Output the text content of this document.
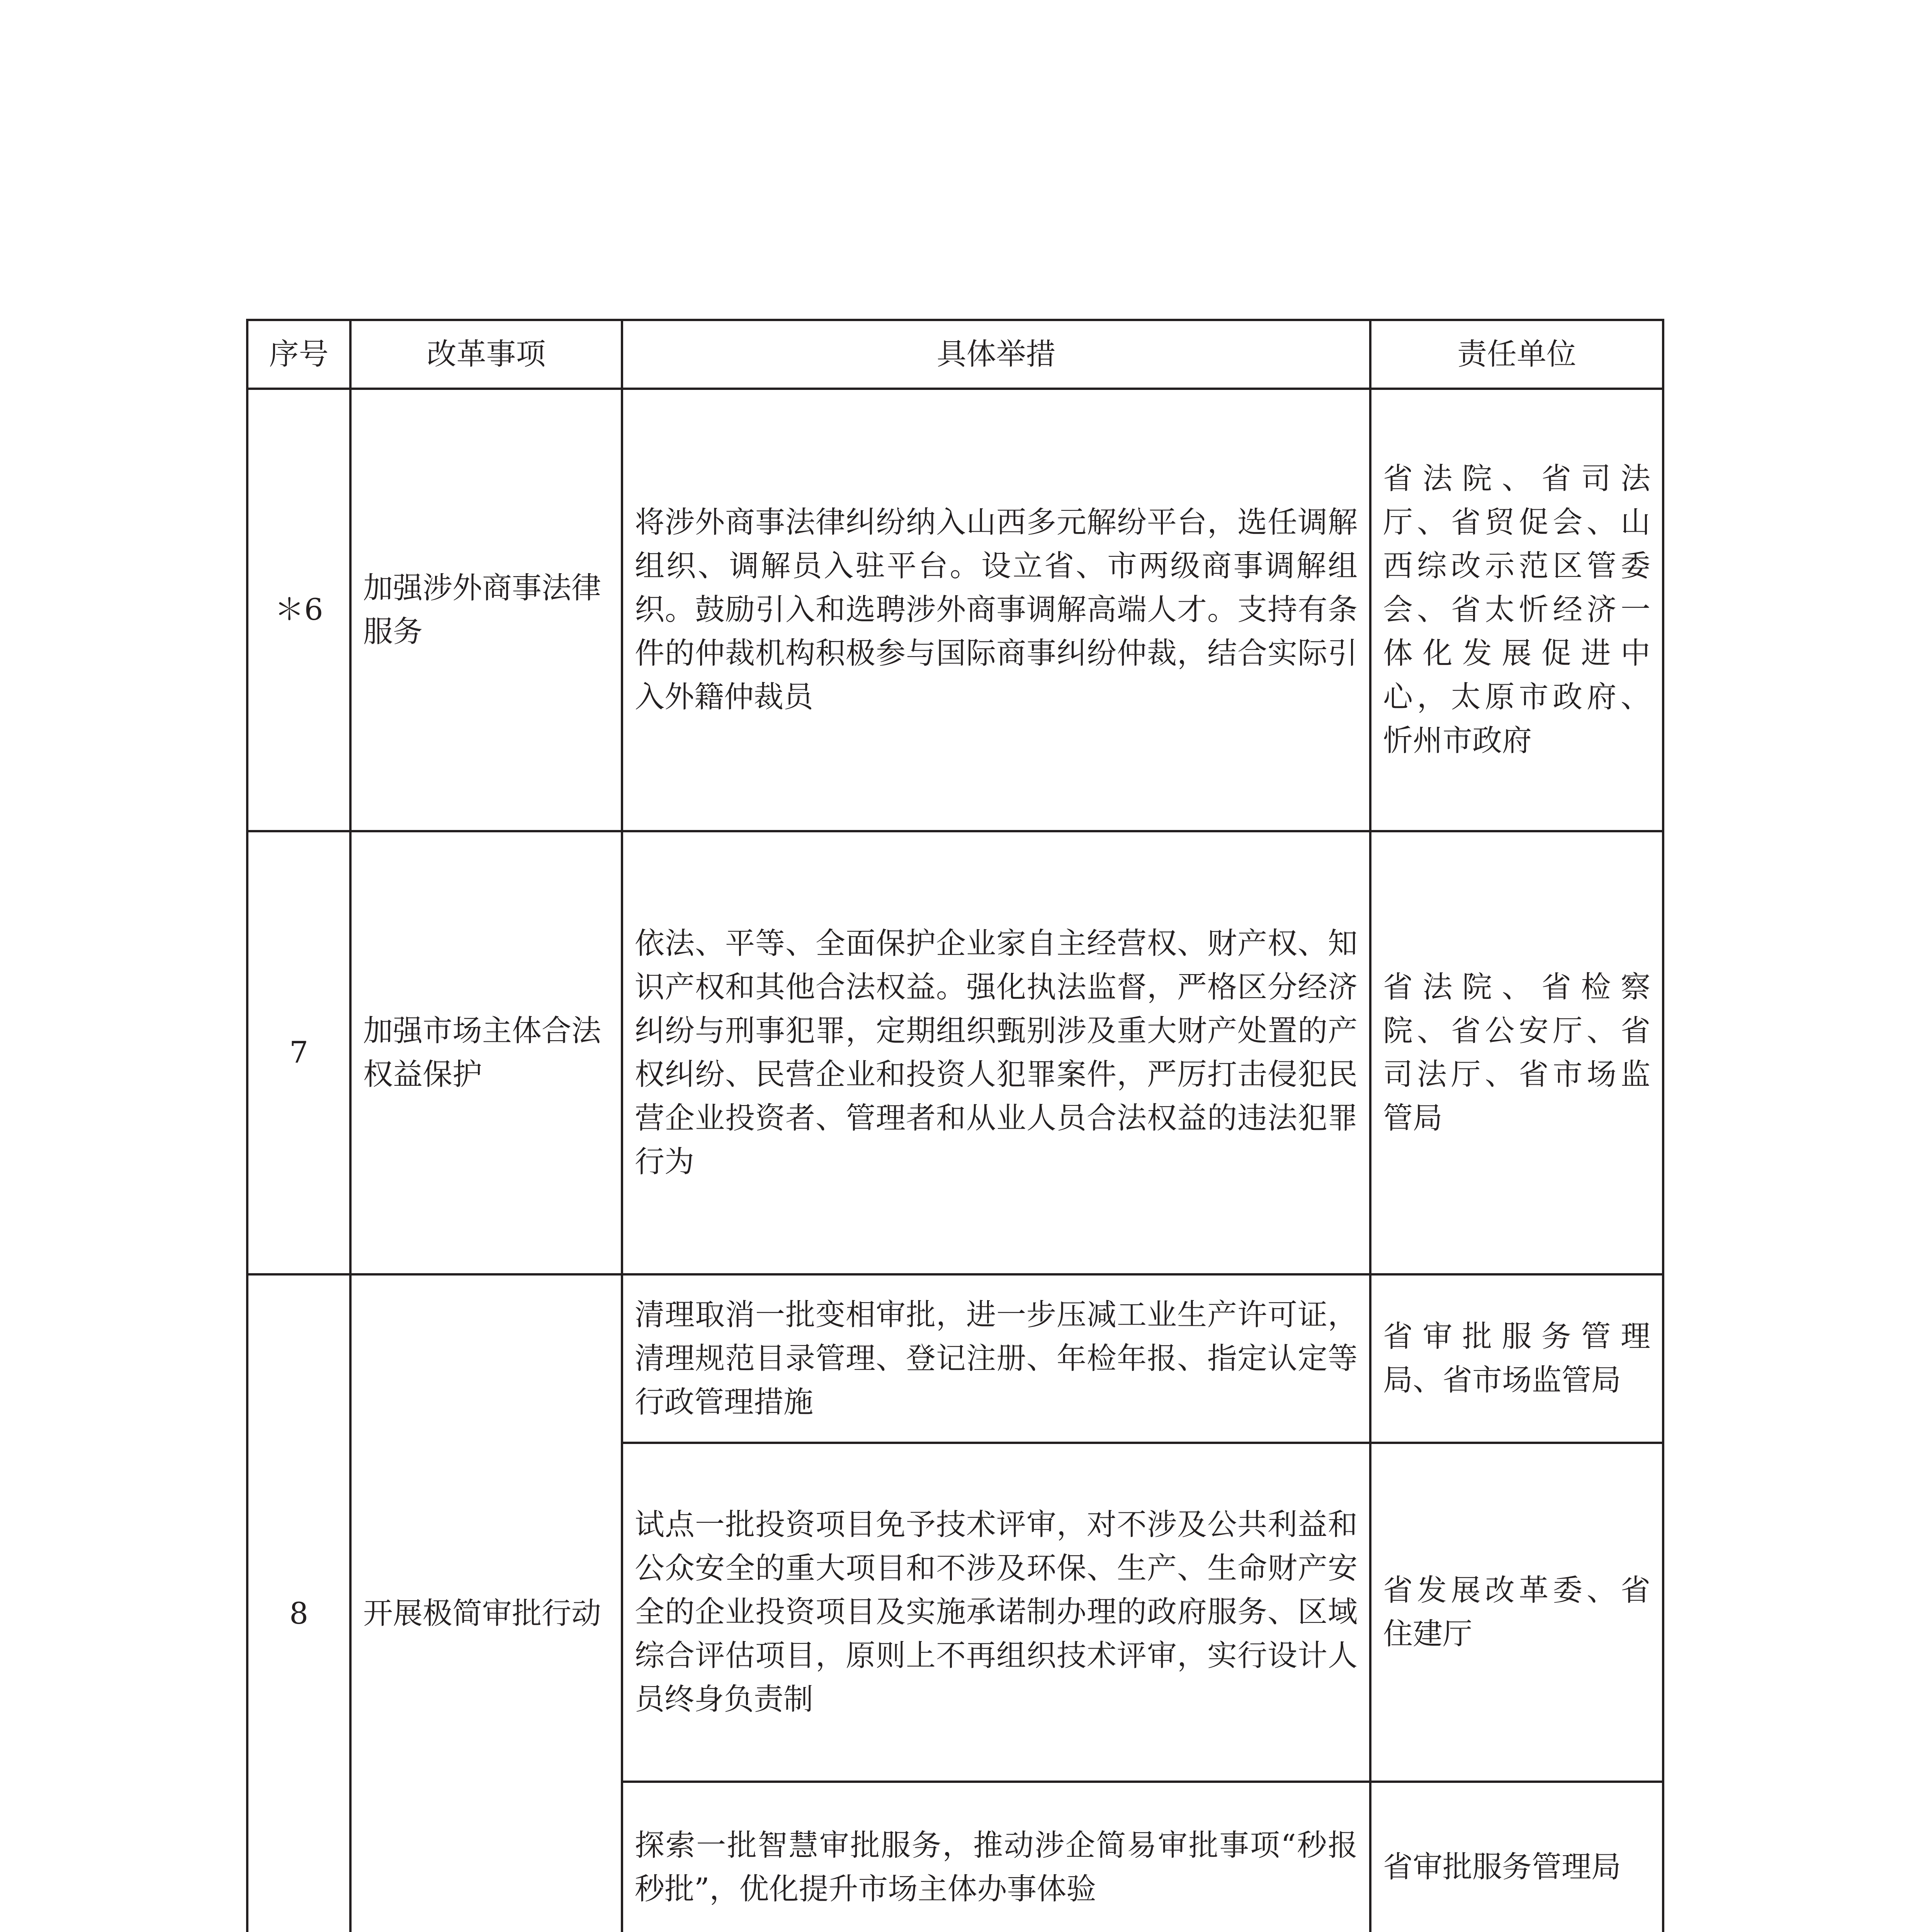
序号	改革事项	具体举措	责任单位
＊6	加强涉外商事法律服务	将涉外商事法律纠纷纳入山西多元解纷平台，选任调解组织、调解员入驻平台。设立省、市两级商事调解组织。鼓励引入和选聘涉外商事调解高端人才。支持有条件的仲裁机构积极参与国际商事纠纷仲裁，结合实际引入外籍仲裁员	省法院、省司法厅、省贸促会、山西综改示范区管委会、省太忻经济一体化发展促进中心，太原市政府、忻州市政府
7	加强市场主体合法权益保护	依法、平等、全面保护企业家自主经营权、财产权、知识产权和其他合法权益。强化执法监督，严格区分经济纠纷与刑事犯罪，定期组织甄别涉及重大财产处置的产权纠纷、民营企业和投资人犯罪案件，严厉打击侵犯民营企业投资者、管理者和从业人员合法权益的违法犯罪行为	省法院、省检察院、省公安厅、省司法厅、省市场监管局
8	开展极简审批行动	清理取消一批变相审批，进一步压减工业生产许可证，清理规范目录管理、登记注册、年检年报、指定认定等行政管理措施	省审批服务管理局、省市场监管局
		试点一批投资项目免予技术评审，对不涉及公共利益和公众安全的重大项目和不涉及环保、生产、生命财产安全的企业投资项目及实施承诺制办理的政府服务、区域综合评估项目，原则上不再组织技术评审，实行设计人员终身负责制	省发展改革委、省住建厅
		探索一批智慧审批服务，推动涉企简易审批事项“秒报秒批”，优化提升市场主体办事体验	省审批服务管理局
